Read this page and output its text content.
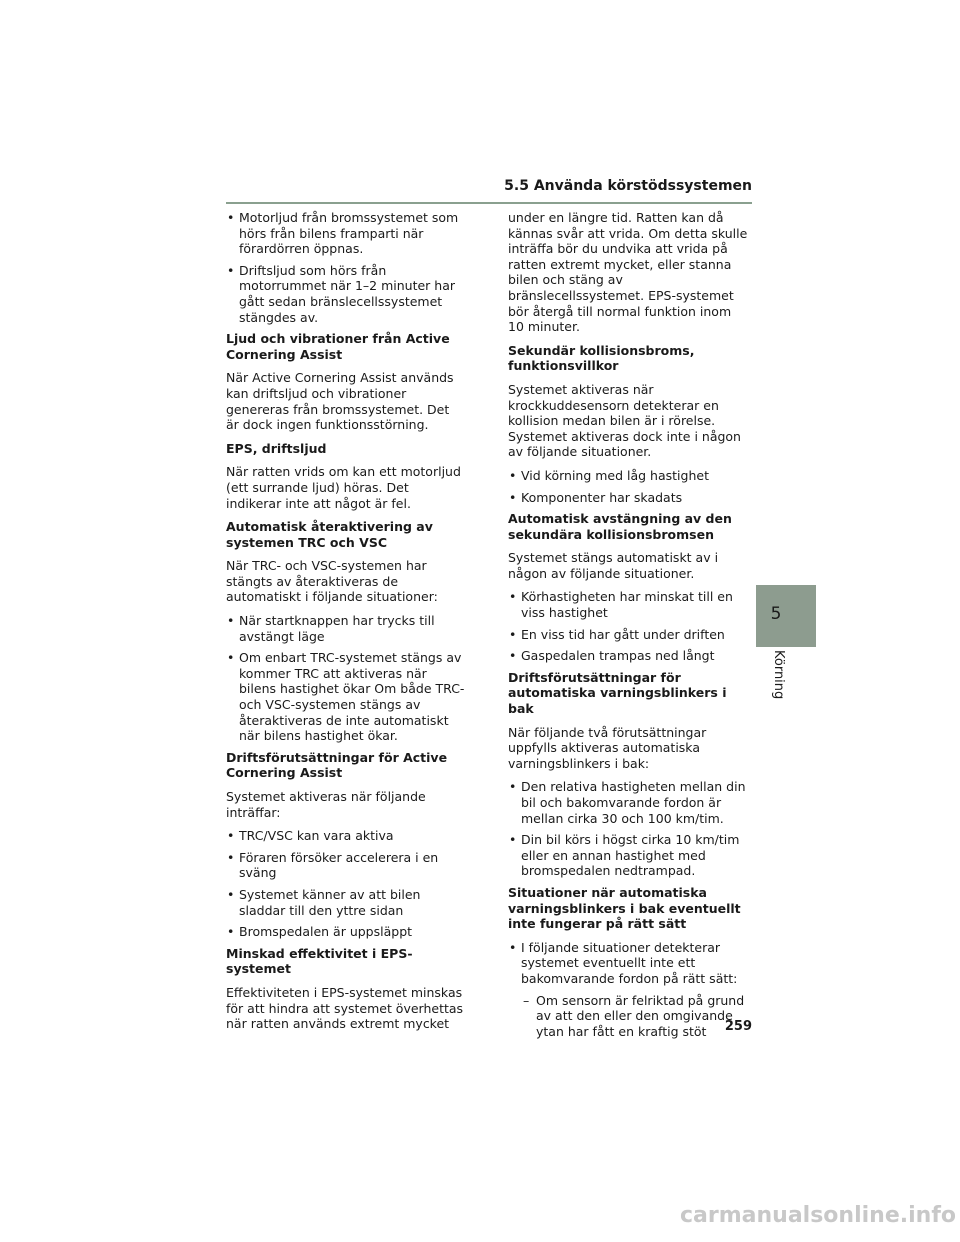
5.5 Använda körstödssystemen
• Motorljud från bromssystemet som hörs från bilens framparti när förardörren öppnas.
• Driftsljud som hörs från motorrummet när 1–2 minuter har gått sedan bränslecellssystemet stängdes av.
Ljud och vibrationer från Active Cornering Assist
När Active Cornering Assist används kan driftsljud och vibrationer genereras från bromssystemet. Det är dock ingen funktionsstörning.
EPS, driftsljud
När ratten vrids om kan ett motorljud (ett surrande ljud) höras. Det indikerar inte att något är fel.
Automatisk återaktivering av systemen TRC och VSC
När TRC- och VSC-systemen har stängts av återaktiveras de automatiskt i följande situationer:
• När startknappen har trycks till avstängt läge
• Om enbart TRC-systemet stängs av kommer TRC att aktiveras när bilens hastighet ökar Om både TRC- och VSC-systemen stängs av återaktiveras de inte automatiskt när bilens hastighet ökar.
Driftsförutsättningar för Active Cornering Assist
Systemet aktiveras när följande inträffar:
• TRC/VSC kan vara aktiva
• Föraren försöker accelerera i en sväng
• Systemet känner av att bilen sladdar till den yttre sidan
• Bromspedalen är uppsläppt
Minskad effektivitet i EPS-systemet
Effektiviteten i EPS-systemet minskas för att hindra att systemet överhettas när ratten används extremt mycket
under en längre tid. Ratten kan då kännas svår att vrida. Om detta skulle inträffa bör du undvika att vrida på ratten extremt mycket, eller stanna bilen och stäng av bränslecellssystemet. EPS-systemet bör återgå till normal funktion inom 10 minuter.
Sekundär kollisionsbroms, funktionsvillkor
Systemet aktiveras när krockkuddesensorn detekterar en kollision medan bilen är i rörelse. Systemet aktiveras dock inte i någon av följande situationer.
• Vid körning med låg hastighet
• Komponenter har skadats
Automatisk avstängning av den sekundära kollisionsbromsen
Systemet stängs automatiskt av i någon av följande situationer.
• Körhastigheten har minskat till en viss hastighet
• En viss tid har gått under driften
• Gaspedalen trampas ned långt
Driftsförutsättningar för automatiska varningsblinkers i bak
När följande två förutsättningar uppfylls aktiveras automatiska varningsblinkers i bak:
• Den relativa hastigheten mellan din bil och bakomvarande fordon är mellan cirka 30 och 100 km/tim.
• Din bil körs i högst cirka 10 km/tim eller en annan hastighet med bromspedalen nedtrampad.
Situationer när automatiska varningsblinkers i bak eventuellt inte fungerar på rätt sätt
• I följande situationer detekterar systemet eventuellt inte ett bakomvarande fordon på rätt sätt:
– Om sensorn är felriktad på grund av att den eller den omgivande ytan har fått en kraftig stöt
5
Körning
259
carmanualsonline.info
